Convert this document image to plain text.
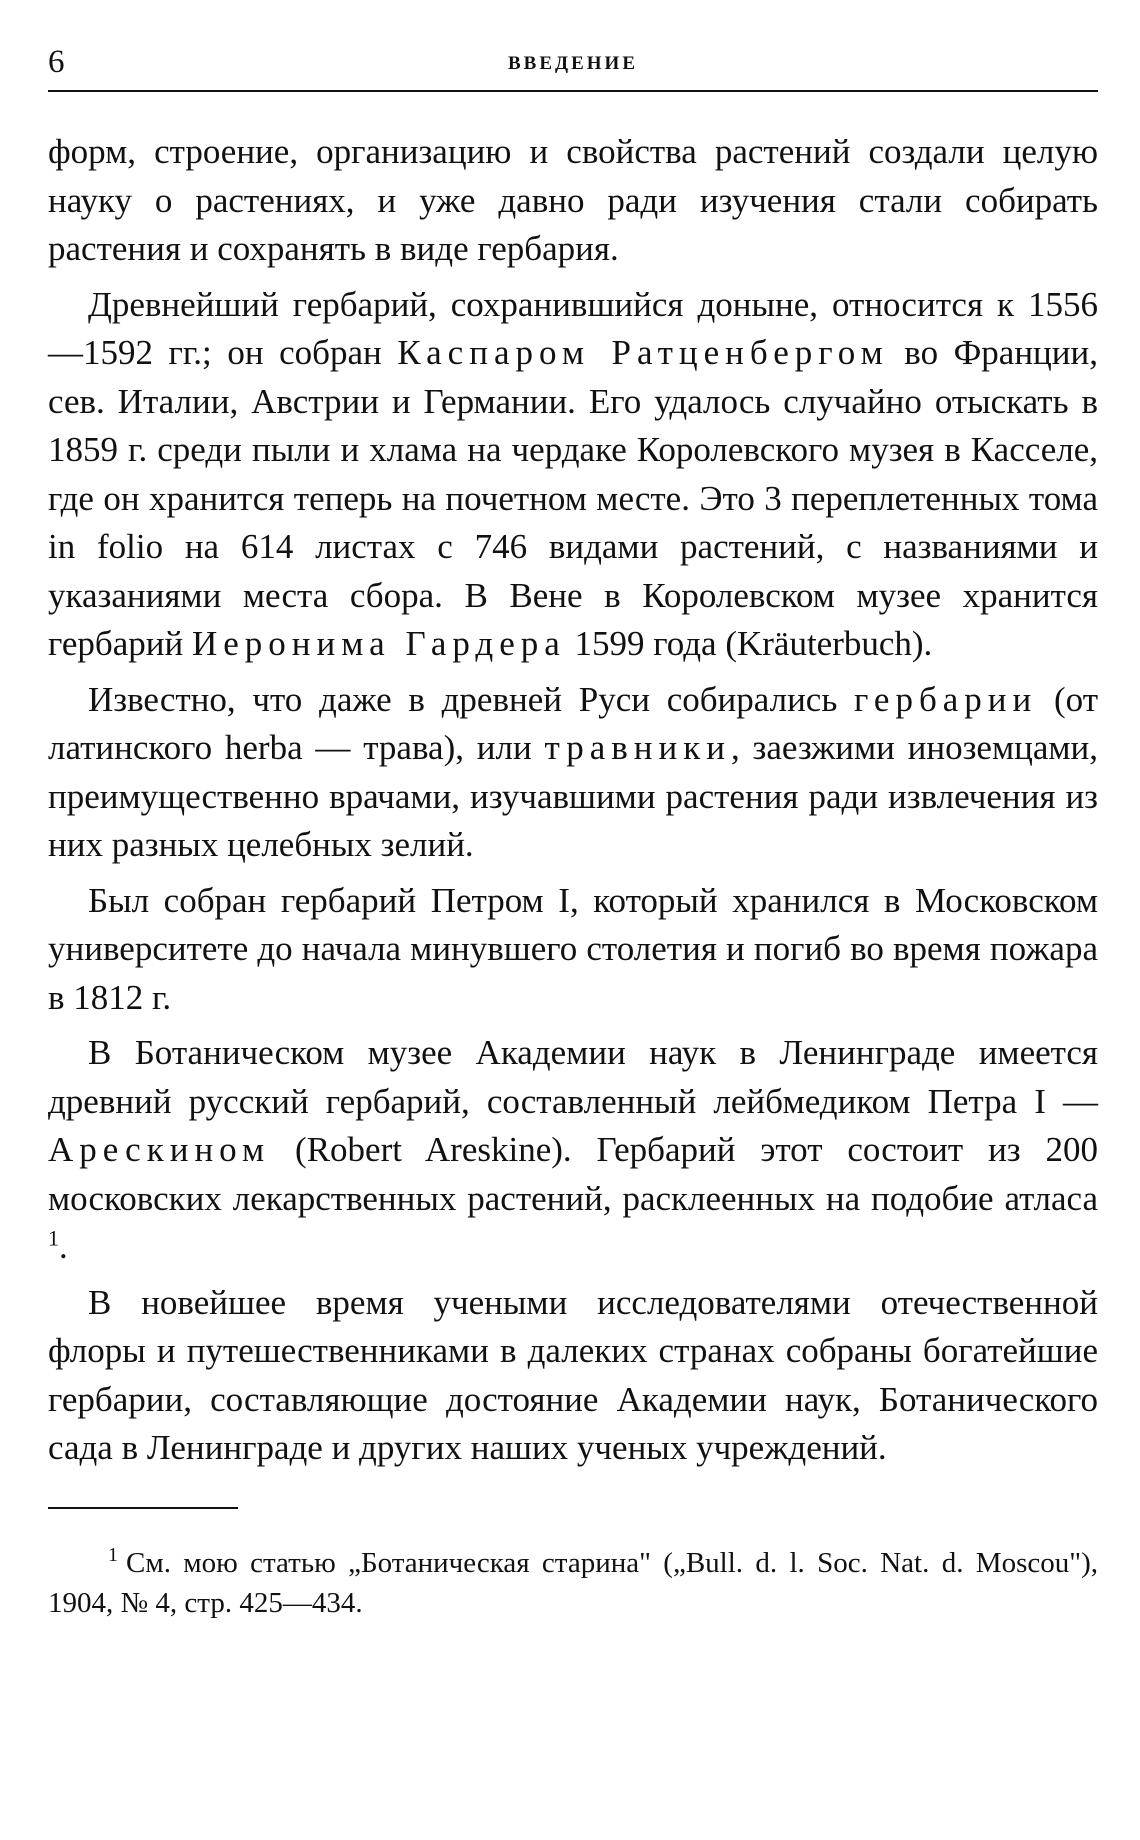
6	ВВЕДЕНИЕ

форм, строение, организацию и свойства растений создали целую науку о растениях, и уже давно ради изучения стали собирать растения и сохранять в виде гербария.

Древнейший гербарий, сохранившийся доныне, относится к 1556—1592 гг.; он собран Каспаром Ратценбергом во Франции, сев. Италии, Австрии и Германии. Его удалось случайно отыскать в 1859 г. среди пыли и хлама на чердаке Королевского музея в Касселе, где он хранится теперь на почетном месте. Это 3 переплетенных тома in folio на 614 листах с 746 видами растений, с названиями и указаниями места сбора. В Вене в Королевском музее хранится гербарий Иеронима Гардера 1599 года (Kräuterbuch).

Известно, что даже в древней Руси собирались гербарии (от латинского herba — трава), или травники, заезжими иноземцами, преимущественно врачами, изучавшими растения ради извлечения из них разных целебных зелий.

Был собран гербарий Петром I, который хранился в Московском университете до начала минувшего столетия и погиб во время пожара в 1812 г.

В Ботаническом музее Академии наук в Ленинграде имеется древний русский гербарий, составленный лейбмедиком Петра I — Арескином (Robert Areskine). Гербарий этот состоит из 200 московских лекарственных растений, расклеенных на подобие атласа $^1$.

В новейшее время учеными исследователями отечественной флоры и путешественниками в далеких странах собраны богатейшие гербарии, составляющие достояние Академии наук, Ботанического сада в Ленинграде и других наших ученых учреждений.

$^1$ См. мою статью „Ботаническая старина" („Bull. d. l. Soc. Nat. d. Moscou"), 1904, № 4, стр. 425—434.
